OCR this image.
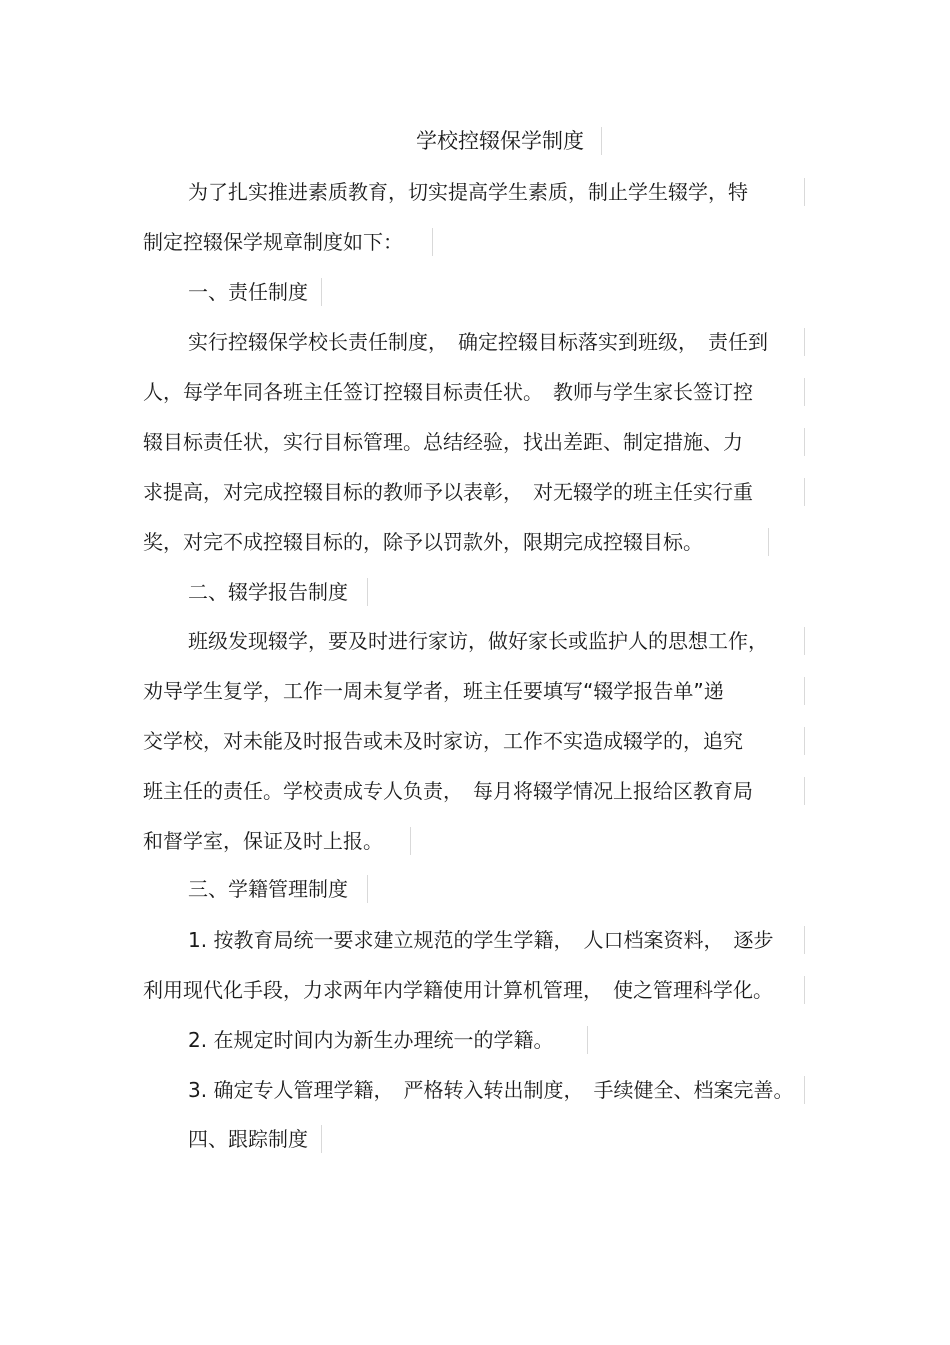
学校控辍保学制度
为了扎实推进素质教育，切实提高学生素质，制止学生辍学，特
制定控辍保学规章制度如下：
一、责任制度
实行控辍保学校长责任制度，　确定控辍目标落实到班级，　责任到
人，每学年同各班主任签订控辍目标责任状。　教师与学生家长签订控
辍目标责任状，实行目标管理。总结经验，找出差距、制定措施、力
求提高，对完成控辍目标的教师予以表彰，　对无辍学的班主任实行重
奖，对完不成控辍目标的，除予以罚款外，限期完成控辍目标。
二、辍学报告制度
班级发现辍学，要及时进行家访，做好家长或监护人的思想工作，
劝导学生复学，工作一周未复学者，班主任要填写“辍学报告单”递
交学校，对未能及时报告或未及时家访，工作不实造成辍学的，追究
班主任的责任。学校责成专人负责，　每月将辍学情况上报给区教育局
和督学室，保证及时上报。
三、学籍管理制度
1. 按教育局统一要求建立规范的学生学籍，　人口档案资料，　逐步
利用现代化手段，力求两年内学籍使用计算机管理，　使之管理科学化。
2. 在规定时间内为新生办理统一的学籍。
3. 确定专人管理学籍，　严格转入转出制度，　手续健全、档案完善。
四、跟踪制度
